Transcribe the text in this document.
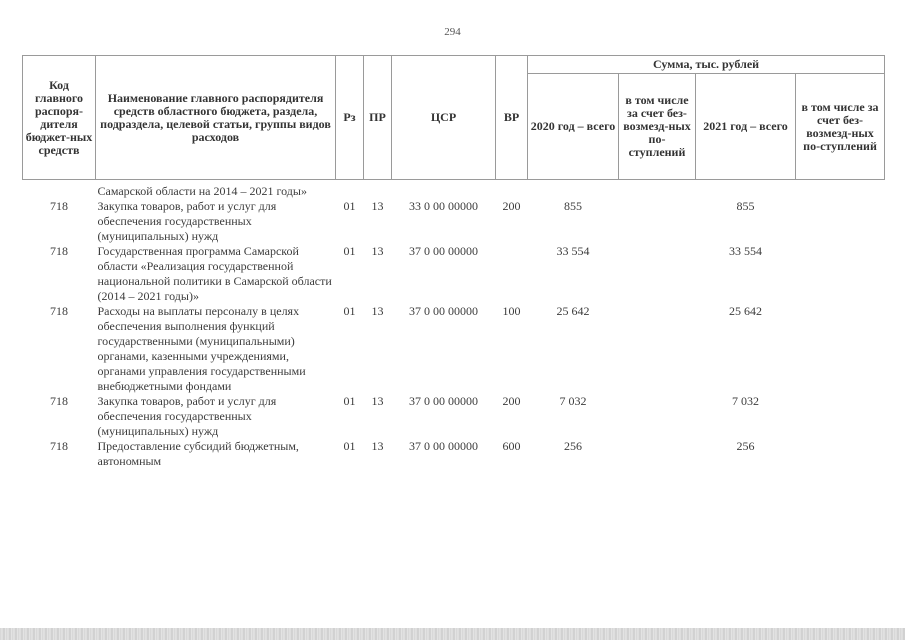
294
Код главного распоря-дителя бюджет-ных средств	Наименование главного распорядителя средств областного бюджета, раздела, подраздела, целевой статьи, группы видов расходов	Рз	ПР	ЦСР	ВР	Сумма, тыс. рублей			
						2020 год – всего	в том числе за счет без-возмезд-ных по-ступлений	2021 год – всего	в том числе за счет без-возмезд-ных по-ступлений

	Самарской области на 2014 – 2021 годы»								
718	Закупка товаров, работ и услуг для обеспечения государственных (муниципальных) нужд	01	13	33 0 00 00000	200	855		855	
718	Государственная программа Самарской области «Реализация государственной национальной политики в Самарской области (2014 – 2021 годы)»	01	13	37 0 00 00000		33 554		33 554	
718	Расходы на выплаты персоналу в целях обеспечения выполнения функций государственными (муниципальными) органами, казенными учреждениями, органами управления государственными внебюджетными фондами	01	13	37 0 00 00000	100	25 642		25 642	
718	Закупка товаров, работ и услуг для обеспечения государственных (муниципальных) нужд	01	13	37 0 00 00000	200	7 032		7 032	
718	Предоставление субсидий бюджетным, автономным	01	13	37 0 00 00000	600	256		256	
